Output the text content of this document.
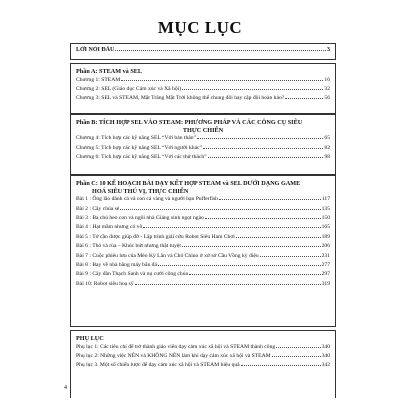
MỤC LỤC
LỜI NÓI ĐẦU	3
Phần A: STEAM và SEL
Chương 1: STEAM	16
Chương 2: SEL (Giáo dục Cảm xúc và Xã hội)	32
Chương 3: SEL và STEAM, Mặt Trăng Mặt Trời không thể chung đôi hay cặp đôi hoàn hảo?	56
Phần B: TÍCH HỢP SEL VÀO STEAM: PHƯƠNG PHÁP VÀ CÁC CÔNG CỤ SIÊU
THỰC CHIẾN
Chương 4: Tích hợp các kỹ năng SEL “Với bản thân”	65
Chương 5: Tích hợp các kỹ năng SEL “Với người khác”	82
Chương 6: Tích hợp các kỹ năng SEL “Với các thử thách”	98
Phần C: 10 KẾ HOẠCH BÀI DẠY KẾT HỢP STEAM và SEL DƯỚI DẠNG GAME
HOÁ SIÊU THÚ VỊ, THỰC CHIẾN
Bài 1 : Ông lão đánh cá và con cá vàng và người bạn Pufferfish	117
Bài 2 : Cây chúa sẻ	135
Bài 3 : Ba chú heo con và ngôi nhà Giáng sinh ngọt ngào	150
Bài 4 : Hạt mầm nhưng có vỡ	165
Bài 5 : Tớ cần được giúp đỡ - Lập trình giải cứu Robot Siêu Ham Chơi	189
Bài 6 : Thỏ và rùa – Khúc bứt nhưng thật tuyệt	206
Bài 7 : Cuộc phiêu lưu của Mèo Kỳ Lân và Chó Chino ở xứ sở Cầu Vồng kỳ diệu	231
Bài 8 : Bay về nhà bằng máy bắn đá	277
Bài 9 : Cây đàn Thạch Sanh và nụ cười công chúa	297
Bài 10: Robot siêu hoạ sỹ	319
PHỤ LỤC
Phụ lục 1: Các tiêu chí để trở thành giáo viên dạy cảm xúc xã hội và STEAM thành công	340
Phụ lục 2: Những việc NÊN và KHÔNG NÊN làm khi dạy cảm xúc xã hội và STEAM	340
Phụ lục 3. Một số chiến lược để dạy cảm xúc xã hội và STEAM hiệu quả	342
4
